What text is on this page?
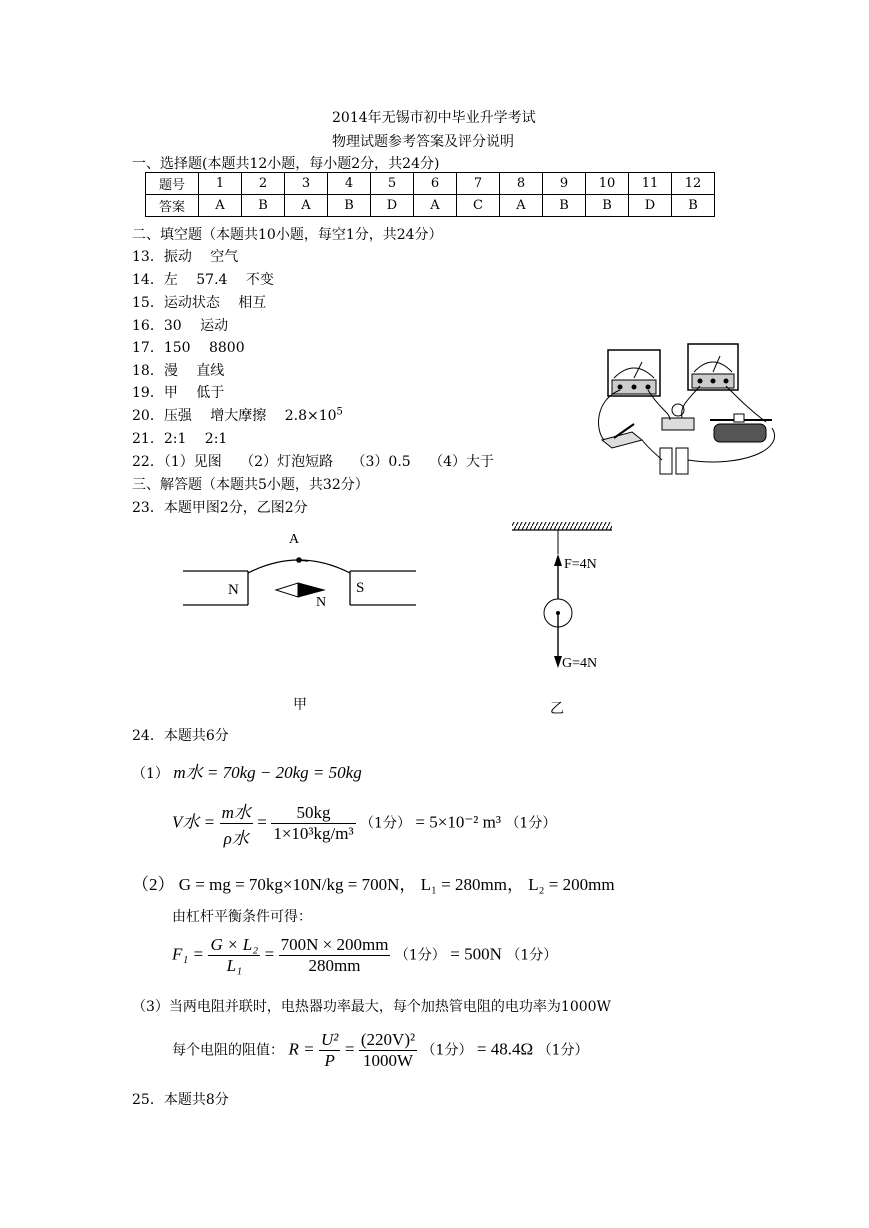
2014年无锡市初中毕业升学考试
物理试题参考答案及评分说明
一、选择题(本题共12小题，每小题2分，共24分)
题号	1	2	3	4	5	6	7	8	9	10	11	12
答案	A	B	A	B	D	A	C	A	B	B	D	B
二、填空题（本题共10小题，每空1分，共24分）
13．振动　 空气
14．左　 57.4　 不变
15．运动状态　 相互
16．30　 运动
17．150　 8800
18．漫　 直线
19．甲　 低于
20．压强　 增大摩擦　 $2.8\times 10^5$
21．2:1　 2:1
22．（1）见图　 （2）灯泡短路　 （3）0.5　 （4）大于
三、解答题（本题共5小题，共32分）
23．本题甲图2分，乙图2分
A
N	S
N
甲
F=4N
G=4N
乙
24．本题共6分
（1） m水 = 70kg − 20kg = 50kg
V水 = $\frac{\text{m水}}{\text{ρ水}} = \frac{50kg}{\text{1×10³kg/m³}} (1$分） = 5×10⁻² m³ （1分）
（2） G = mg = 70kg×10N/kg = 700N， L₁ = 280mm， L₂ = 200mm
由杠杆平衡条件可得：
$F_1 = \frac{\text{G × L₂}}{\text{L₁}} = \frac{700N \times 200mm}{280mm} (1$分） = 500N （1分）
（3）当两电阻并联时，电热器功率最大，每个加热管电阻的电功率为1000W
每个电阻的阻值： $R = \frac{\text{U²}}{P} = \frac{\text{(220V)²}}{1000W} (1$分） = 48.4Ω （1分）
25．本题共8分
